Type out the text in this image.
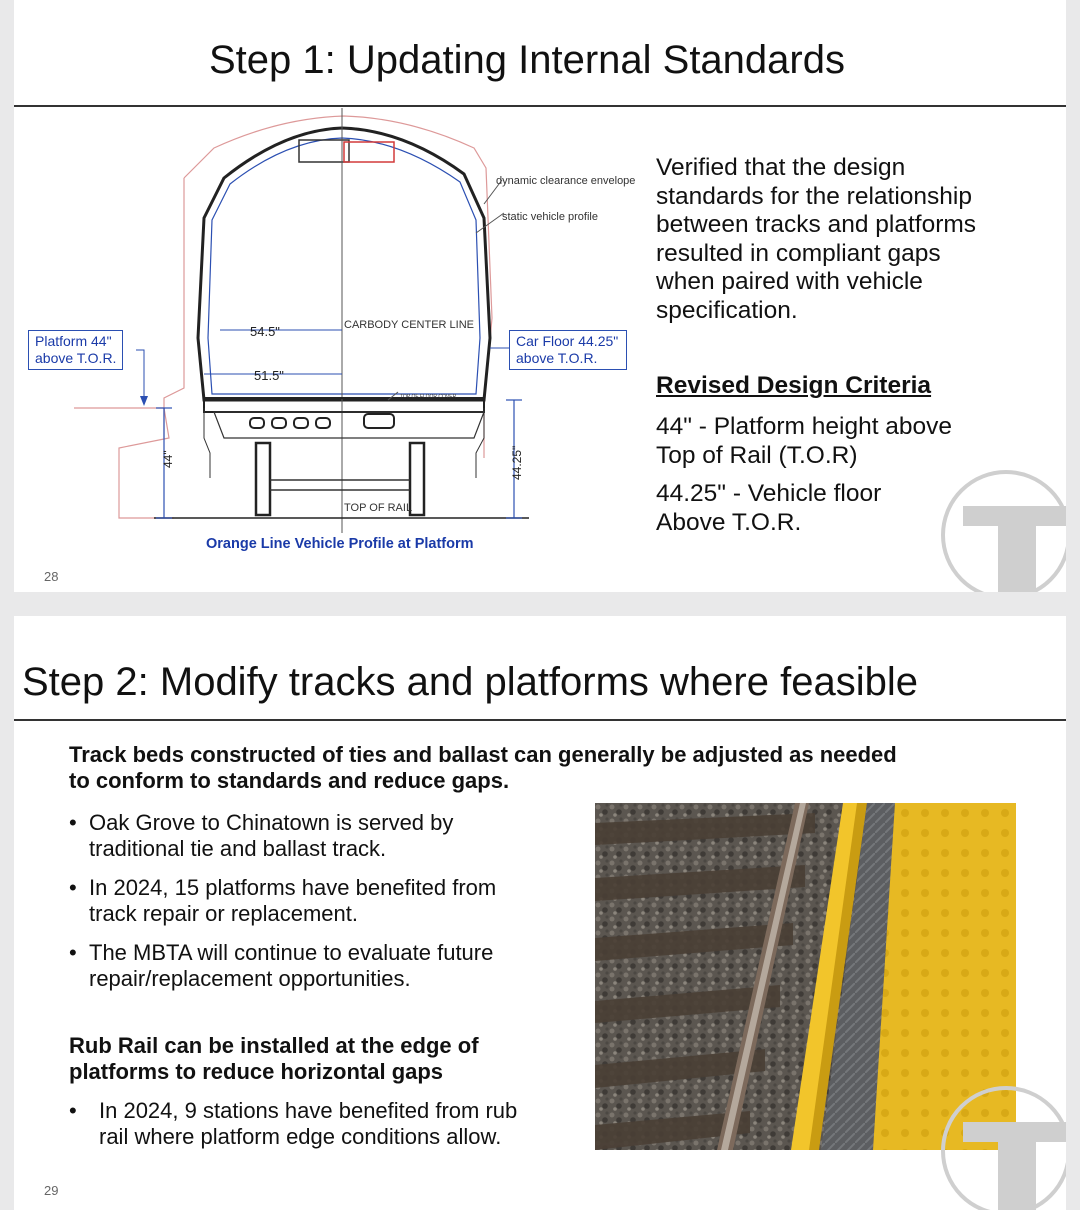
Step 1: Updating Internal Standards
dynamic clearance envelope
static vehicle profile
CARBODY CENTER LINE
54.5"
51.5"
TOP OF FLOOR COVER
44"	44.25"
TOP OF RAIL
Platform 44"
above T.O.R.
Car Floor 44.25"
above T.O.R.
Orange Line Vehicle Profile at Platform
Verified that the design
standards for the relationship
between tracks and platforms
resulted in compliant gaps
when paired with vehicle
specification.
Revised Design Criteria
44" - Platform height above
Top of Rail (T.O.R)
44.25" - Vehicle floor
Above T.O.R.
28
Step 2: Modify tracks and platforms where feasible
Track beds constructed of ties and ballast can generally be adjusted as needed
to conform to standards and reduce gaps.
• Oak Grove to Chinatown is served by
traditional tie and ballast track.
• In 2024, 15 platforms have benefited from
track repair or replacement.
• The MBTA will continue to evaluate future
repair/replacement opportunities.
Rub Rail can be installed at the edge of
platforms to reduce horizontal gaps
•	In 2024, 9 stations have benefited from rub
rail where platform edge conditions allow.
29
